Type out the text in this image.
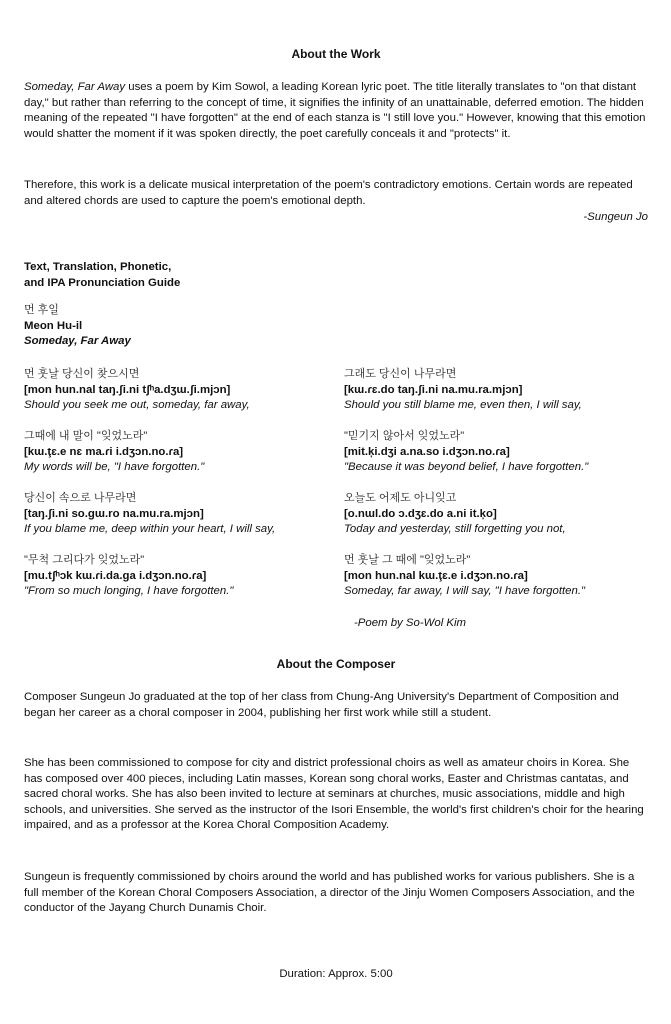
About the Work

Someday, Far Away uses a poem by Kim Sowol, a leading Korean lyric poet. The title literally translates to "on that distant day," but rather than referring to the concept of time, it signifies the infinity of an unattainable, deferred emotion. The hidden meaning of the repeated "I have forgotten" at the end of each stanza is "I still love you." However, knowing that this emotion would shatter the moment if it was spoken directly, the poet carefully conceals it and "protects" it.

Therefore, this work is a delicate musical interpretation of the poem's contradictory emotions. Certain words are repeated and altered chords are used to capture the poem's emotional depth.

-Sungeun Jo
Text, Translation, Phonetic,
and IPA Pronunciation Guide
먼 후일
Meon Hu-il
Someday, Far Away
먼 훗날 당신이 찾으시면
[mon hun.nal taŋ.ʃi.ni tʃʰa.dʒɯ.ʃi.mjɔn]
Should you seek me out, someday, far away,
그때에 내 말이 "잊었노라"
[kɯ.ţɛ.e nɛ ma.ɾi i.dʒɔn.no.ɾa]
My words will be, "I have forgotten."
당신이 속으로 나무라면
[taŋ.ʃi.ni so.gɯ.ro na.mu.ra.mjɔn]
If you blame me, deep within your heart, I will say,
"무척 그리다가 잊었노라"
[mu.tʃʰɔk kɯ.ɾi.da.ga i.dʒɔn.no.ɾa]
"From so much longing, I have forgotten."
그래도 당신이 나무라면
[kɯ.ɾɛ.do taŋ.ʃi.ni na.mu.ra.mjɔn]
Should you still blame me, even then, I will say,
"믿기지 않아서 잊었노라"
[mit.ķi.dʒi a.na.so i.dʒɔn.no.ɾa]
"Because it was beyond belief, I have forgotten."
오늘도 어제도 아니잊고
[o.nɯl.do ɔ.dʒɛ.do a.ni it.ķo]
Today and yesterday, still forgetting you not,
먼 훗날 그 때에 "잊었노라"
[mon hun.nal kɯ.ţɛ.e i.dʒɔn.no.ɾa]
Someday, far away, I will say, "I have forgotten."
-Poem by So-Wol Kim
About the Composer

Composer Sungeun Jo graduated at the top of her class from Chung-Ang University's Department of Composition and began her career as a choral composer in 2004, publishing her first work while still a student.

She has been commissioned to compose for city and district professional choirs as well as amateur choirs in Korea. She has composed over 400 pieces, including Latin masses, Korean song choral works, Easter and Christmas cantatas, and sacred choral works. She has also been invited to lecture at seminars at churches, music associations, middle and high schools, and universities. She served as the instructor of the Isori Ensemble, the world's first children's choir for the hearing impaired, and as a professor at the Korea Choral Composition Academy.

Sungeun is frequently commissioned by choirs around the world and has published works for various publishers. She is a full member of the Korean Choral Composers Association, a director of the Jinju Women Composers Association, and the conductor of the Jayang Church Dunamis Choir.

Duration: Approx. 5:00
